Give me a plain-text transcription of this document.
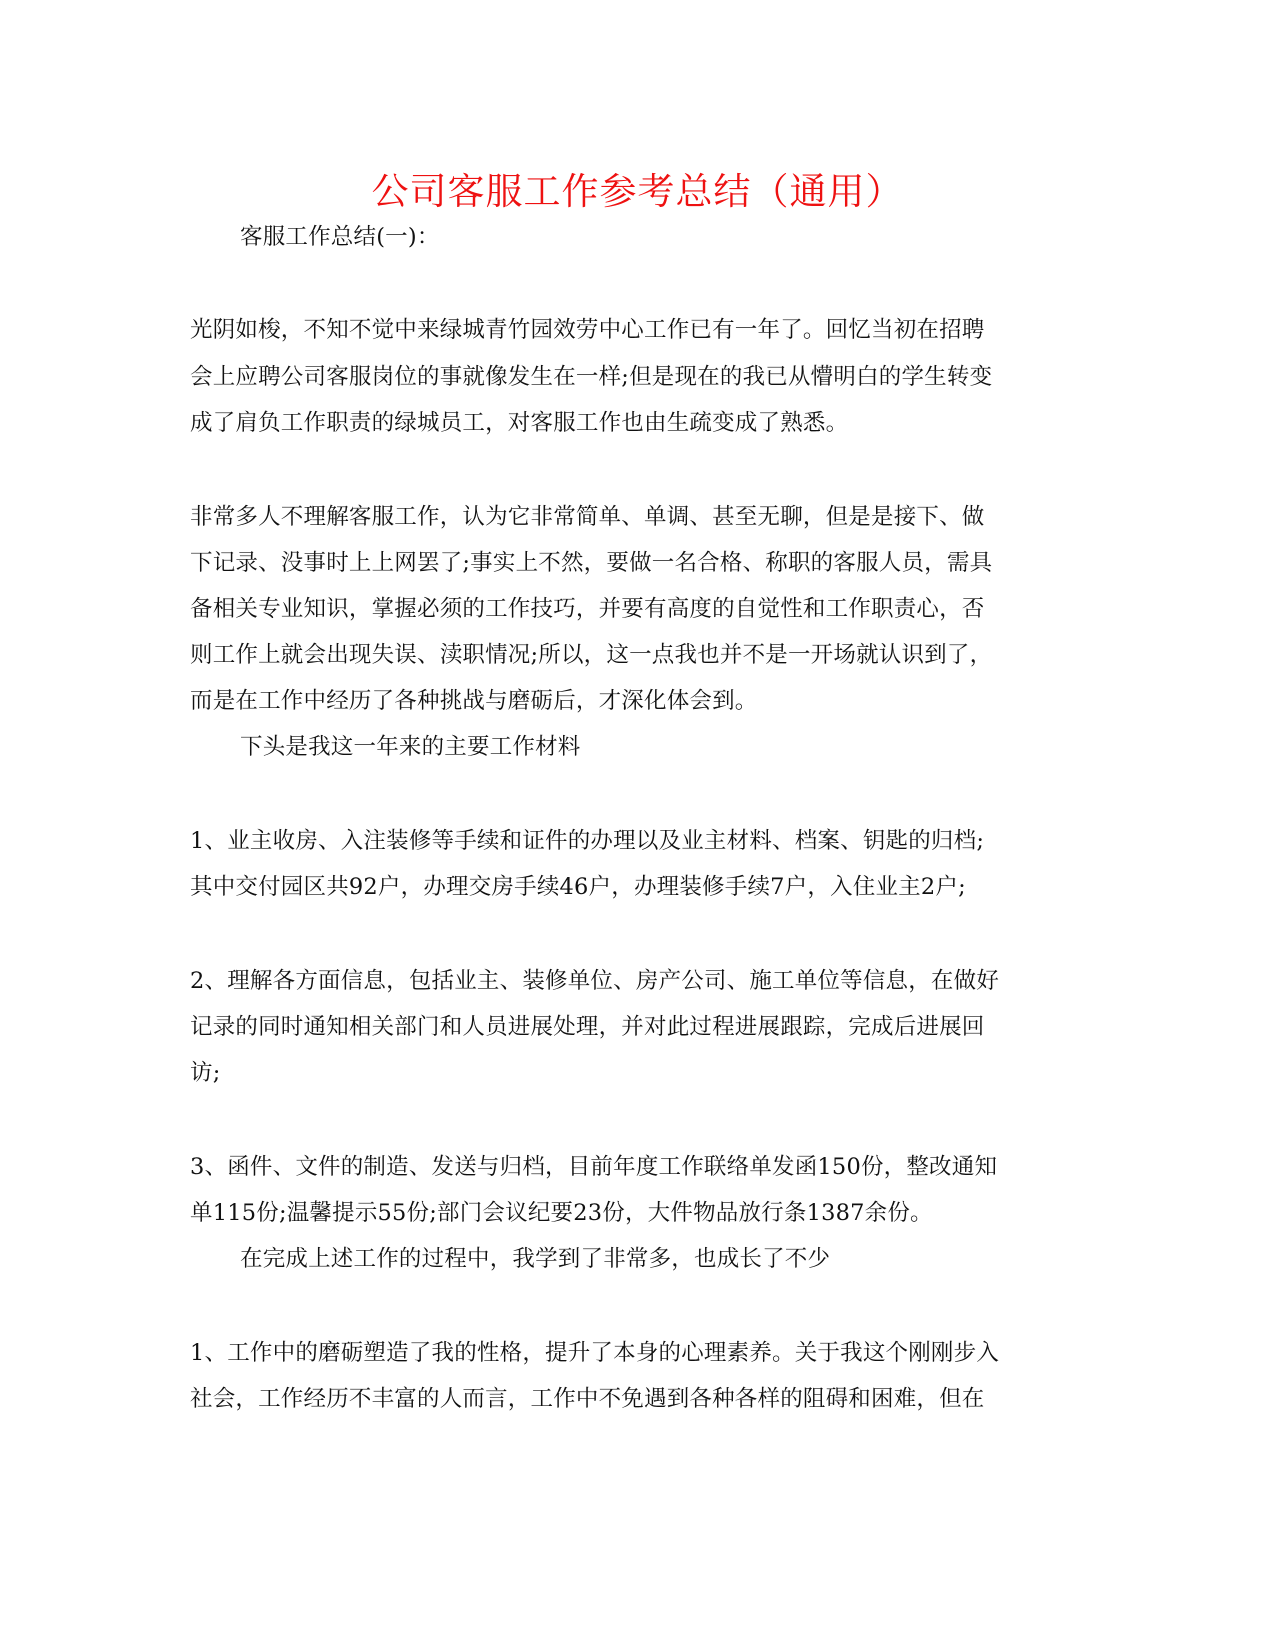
公司客服工作参考总结（通用）
客服工作总结(一)：
光阴如梭，不知不觉中来绿城青竹园效劳中心工作已有一年了。回忆当初在招聘
会上应聘公司客服岗位的事就像发生在一样;但是现在的我已从懵明白的学生转变
成了肩负工作职责的绿城员工，对客服工作也由生疏变成了熟悉。
非常多人不理解客服工作，认为它非常简单、单调、甚至无聊，但是是接下、做
下记录、没事时上上网罢了;事实上不然，要做一名合格、称职的客服人员，需具
备相关专业知识，掌握必须的工作技巧，并要有高度的自觉性和工作职责心，否
则工作上就会出现失误、渎职情况;所以，这一点我也并不是一开场就认识到了，
而是在工作中经历了各种挑战与磨砺后，才深化体会到。
下头是我这一年来的主要工作材料
1、业主收房、入注装修等手续和证件的办理以及业主材料、档案、钥匙的归档;
其中交付园区共92户，办理交房手续46户，办理装修手续7户，入住业主2户;
2、理解各方面信息，包括业主、装修单位、房产公司、施工单位等信息，在做好
记录的同时通知相关部门和人员进展处理，并对此过程进展跟踪，完成后进展回
访;
3、函件、文件的制造、发送与归档，目前年度工作联络单发函150份，整改通知
单115份;温馨提示55份;部门会议纪要23份，大件物品放行条1387余份。
在完成上述工作的过程中，我学到了非常多，也成长了不少
1、工作中的磨砺塑造了我的性格，提升了本身的心理素养。关于我这个刚刚步入
社会，工作经历不丰富的人而言，工作中不免遇到各种各样的阻碍和困难，但在
